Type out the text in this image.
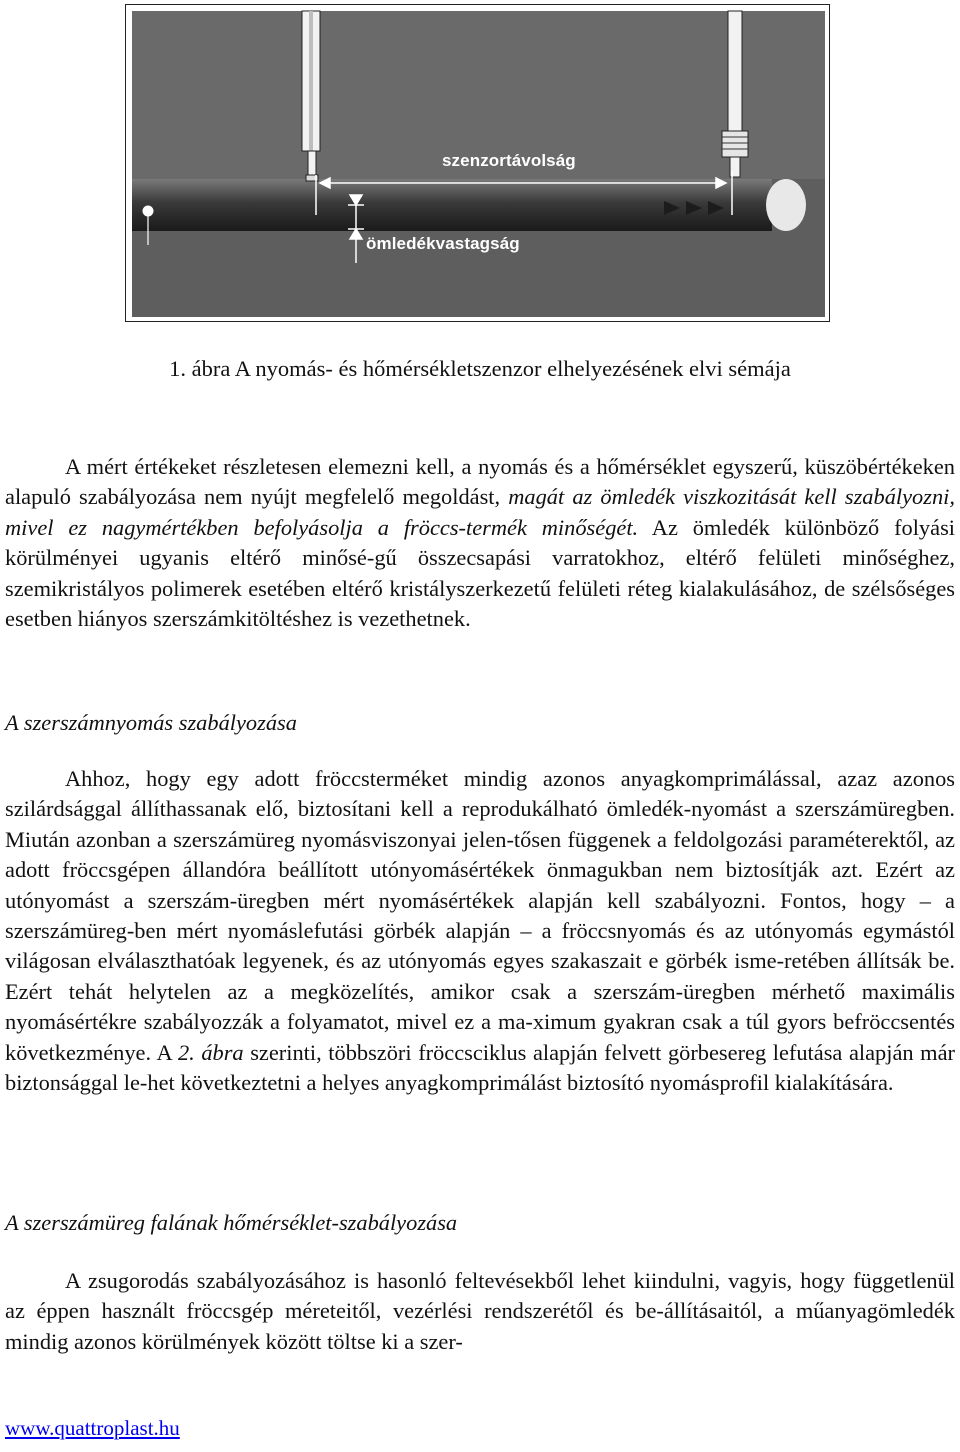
szenzortávolság
ömledékvastagság
1. ábra A nyomás- és hőmérsékletszenzor elhelyezésének elvi sémája

A mért értékeket részletesen elemezni kell, a nyomás és a hőmérséklet egyszerű, küszöbértékeken alapuló szabályozása nem nyújt megfelelő megoldást, magát az ömledék viszkozitását kell szabályozni, mivel ez nagymértékben befolyásolja a fröccs-termék minőségét. Az ömledék különböző folyási körülményei ugyanis eltérő minősé-gű összecsapási varratokhoz, eltérő felületi minőséghez, szemikristályos polimerek esetében eltérő kristályszerkezetű felületi réteg kialakulásához, de szélsőséges esetben hiányos szerszámkitöltéshez is vezethetnek.

A szerszámnyomás szabályozása

Ahhoz, hogy egy adott fröccsterméket mindig azonos anyagkomprimálással, azaz azonos szilárdsággal állíthassanak elő, biztosítani kell a reprodukálható ömledék-nyomást a szerszámüregben. Miután azonban a szerszámüreg nyomásviszonyai jelen-tősen függenek a feldolgozási paraméterektől, az adott fröccsgépen állandóra beállított utónyomásértékek önmagukban nem biztosítják azt. Ezért az utónyomást a szerszám-üregben mért nyomásértékek alapján kell szabályozni. Fontos, hogy – a szerszámüreg-ben mért nyomáslefutási görbék alapján – a fröccsnyomás és az utónyomás egymástól világosan elválaszthatóak legyenek, és az utónyomás egyes szakaszait e görbék isme-retében állítsák be. Ezért tehát helytelen az a megközelítés, amikor csak a szerszám-üregben mérhető maximális nyomásértékre szabályozzák a folyamatot, mivel ez a ma-ximum gyakran csak a túl gyors befröccsentés következménye. A 2. ábra szerinti, többszöri fröccsciklus alapján felvett görbesereg lefutása alapján már biztonsággal le-het következtetni a helyes anyagkomprimálást biztosító nyomásprofil kialakítására.

A szerszámüreg falának hőmérséklet-szabályozása

A zsugorodás szabályozásához is hasonló feltevésekből lehet kiindulni, vagyis, hogy függetlenül az éppen használt fröccsgép méreteitől, vezérlési rendszerétől és be-állításaitól, a műanyagömledék mindig azonos körülmények között töltse ki a szer-

www.quattroplast.hu
